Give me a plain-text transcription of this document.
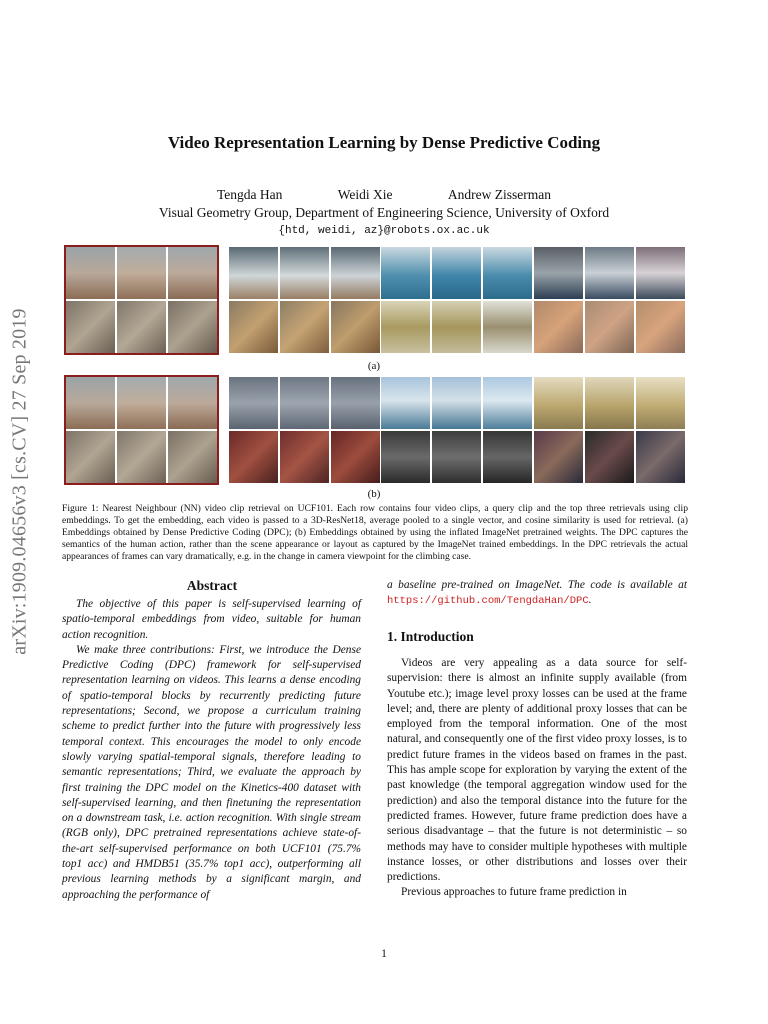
arXiv:1909.04656v3 [cs.CV] 27 Sep 2019
Video Representation Learning by Dense Predictive Coding
Tengda Han	Weidi Xie	Andrew Zisserman
Visual Geometry Group, Department of Engineering Science, University of Oxford
{htd, weidi, az}@robots.ox.ac.uk
(a)
(b)
Figure 1: Nearest Neighbour (NN) video clip retrieval on UCF101. Each row contains four video clips, a query clip and the top three retrievals using clip embeddings. To get the embedding, each video is passed to a 3D-ResNet18, average pooled to a single vector, and cosine similarity is used for retrieval. (a) Embeddings obtained by Dense Predictive Coding (DPC); (b) Embeddings obtained by using the inflated ImageNet pretrained weights. The DPC captures the semantics of the human action, rather than the scene appearance or layout as captured by the ImageNet trained embeddings. In the DPC retrievals the actual appearances of frames can vary dramatically, e.g. in the change in camera viewpoint for the climbing case.
Abstract

The objective of this paper is self-supervised learning of spatio-temporal embeddings from video, suitable for human action recognition.

We make three contributions: First, we introduce the Dense Predictive Coding (DPC) framework for self-supervised representation learning on videos. This learns a dense encoding of spatio-temporal blocks by recurrently predicting future representations; Second, we propose a curriculum training scheme to predict further into the future with progressively less temporal context. This encourages the model to only encode slowly varying spatial-temporal signals, therefore leading to semantic representations; Third, we evaluate the approach by first training the DPC model on the Kinetics-400 dataset with self-supervised learning, and then finetuning the representation on a downstream task, i.e. action recognition. With single stream (RGB only), DPC pretrained representations achieve state-of-the-art self-supervised performance on both UCF101 (75.7% top1 acc) and HMDB51 (35.7% top1 acc), outperforming all previous learning methods by a significant margin, and approaching the performance of

a baseline pre-trained on ImageNet. The code is available at https://github.com/TengdaHan/DPC.
1. Introduction

Videos are very appealing as a data source for self-supervision: there is almost an infinite supply available (from Youtube etc.); image level proxy losses can be used at the frame level; and, there are plenty of additional proxy losses that can be employed from the temporal information. One of the most natural, and consequently one of the first video proxy losses, is to predict future frames in the videos based on frames in the past. This has ample scope for exploration by varying the extent of the past knowledge (the temporal aggregation window used for the prediction) and also the temporal distance into the future for the predicted frames. However, future frame prediction does have a serious disadvantage – that the future is not deterministic – so methods may have to consider multiple hypotheses with multiple instance losses, or other distributions and losses over their predictions.

Previous approaches to future frame prediction in

1
